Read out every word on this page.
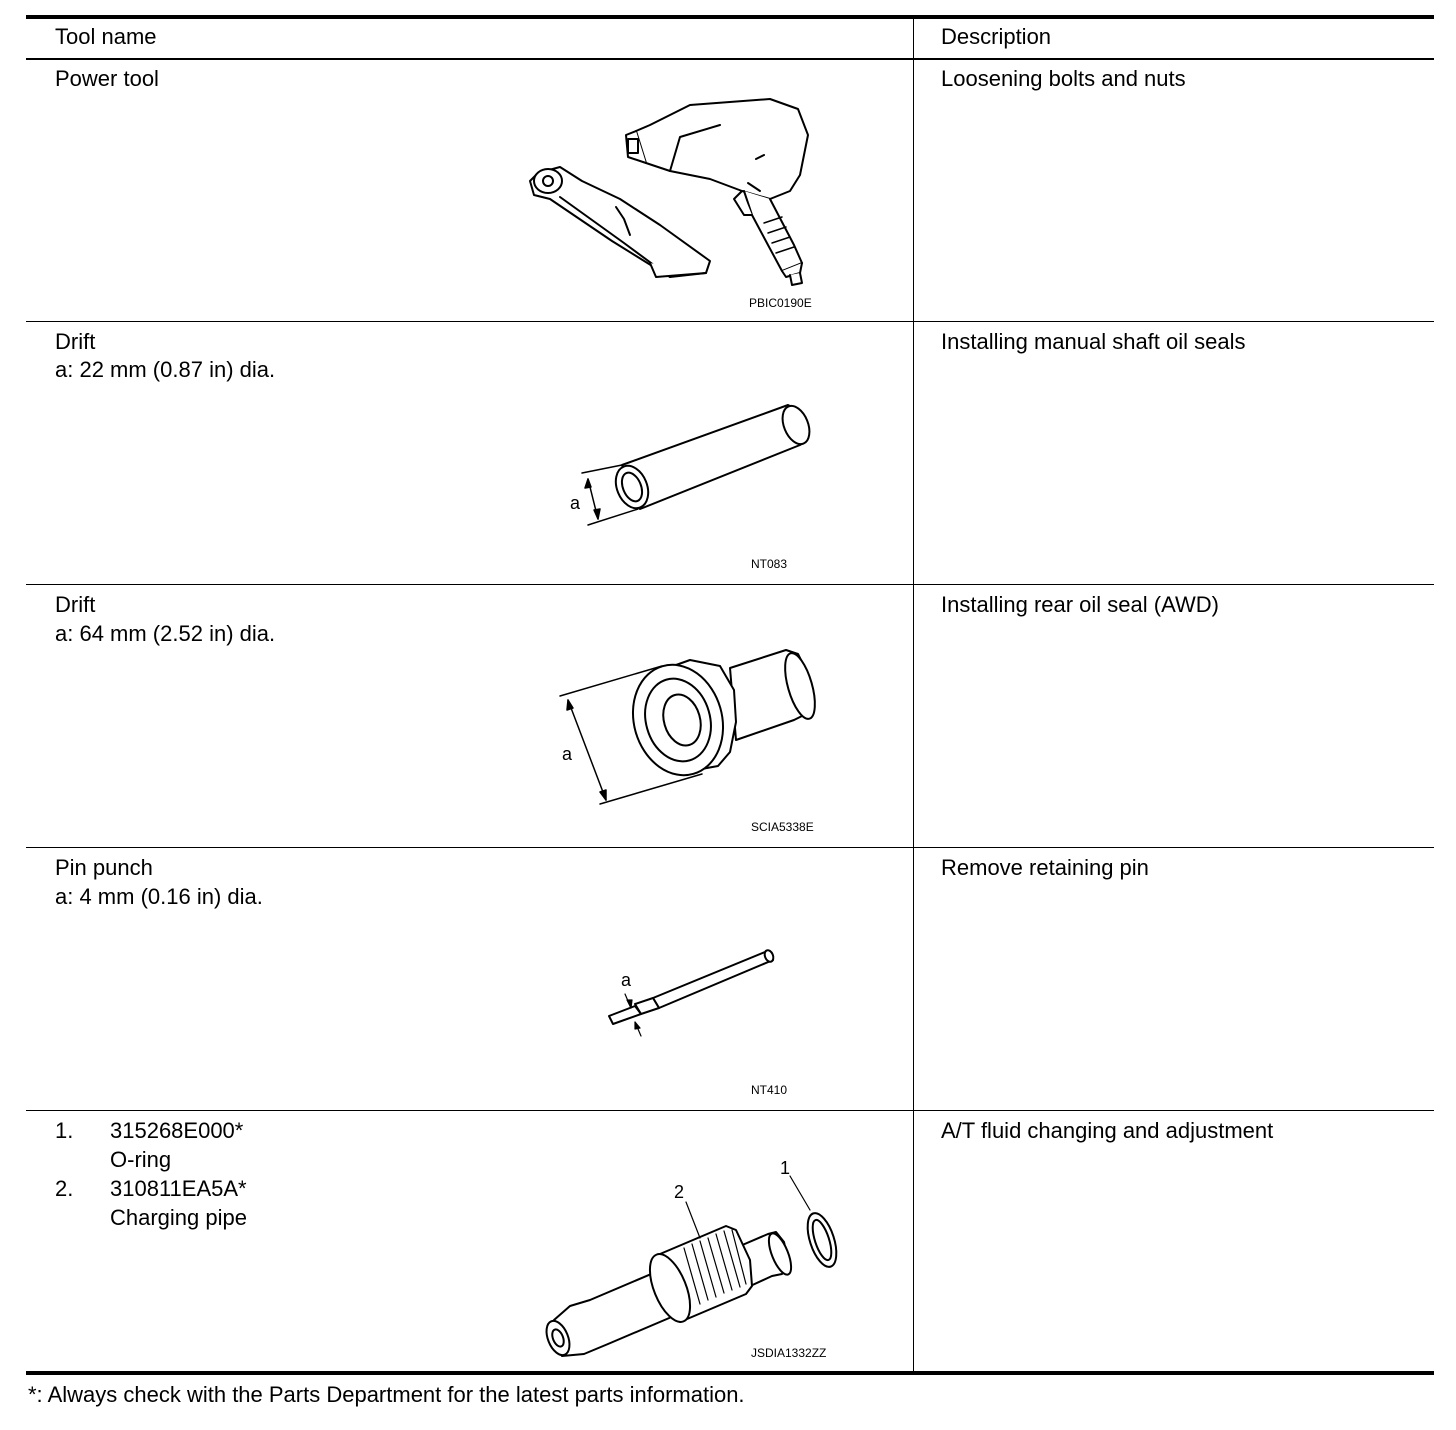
Tool name	Description
Power tool	Loosening bolts and nuts
PBIC0190E
Drift
a: 22 mm (0.87 in) dia.
Installing manual shaft oil seals
NT083
a
Drift
a: 64 mm (2.52 in) dia.
Installing rear oil seal (AWD)
SCIA5338E
a
Pin punch
a: 4 mm (0.16 in) dia.
Remove retaining pin
NT410
a
1. 315268E000*
O-ring
2. 310811EA5A*
Charging pipe
A/T fluid changing and adjustment
JSDIA1332ZZ
2
1
*: Always check with the Parts Department for the latest parts information.
